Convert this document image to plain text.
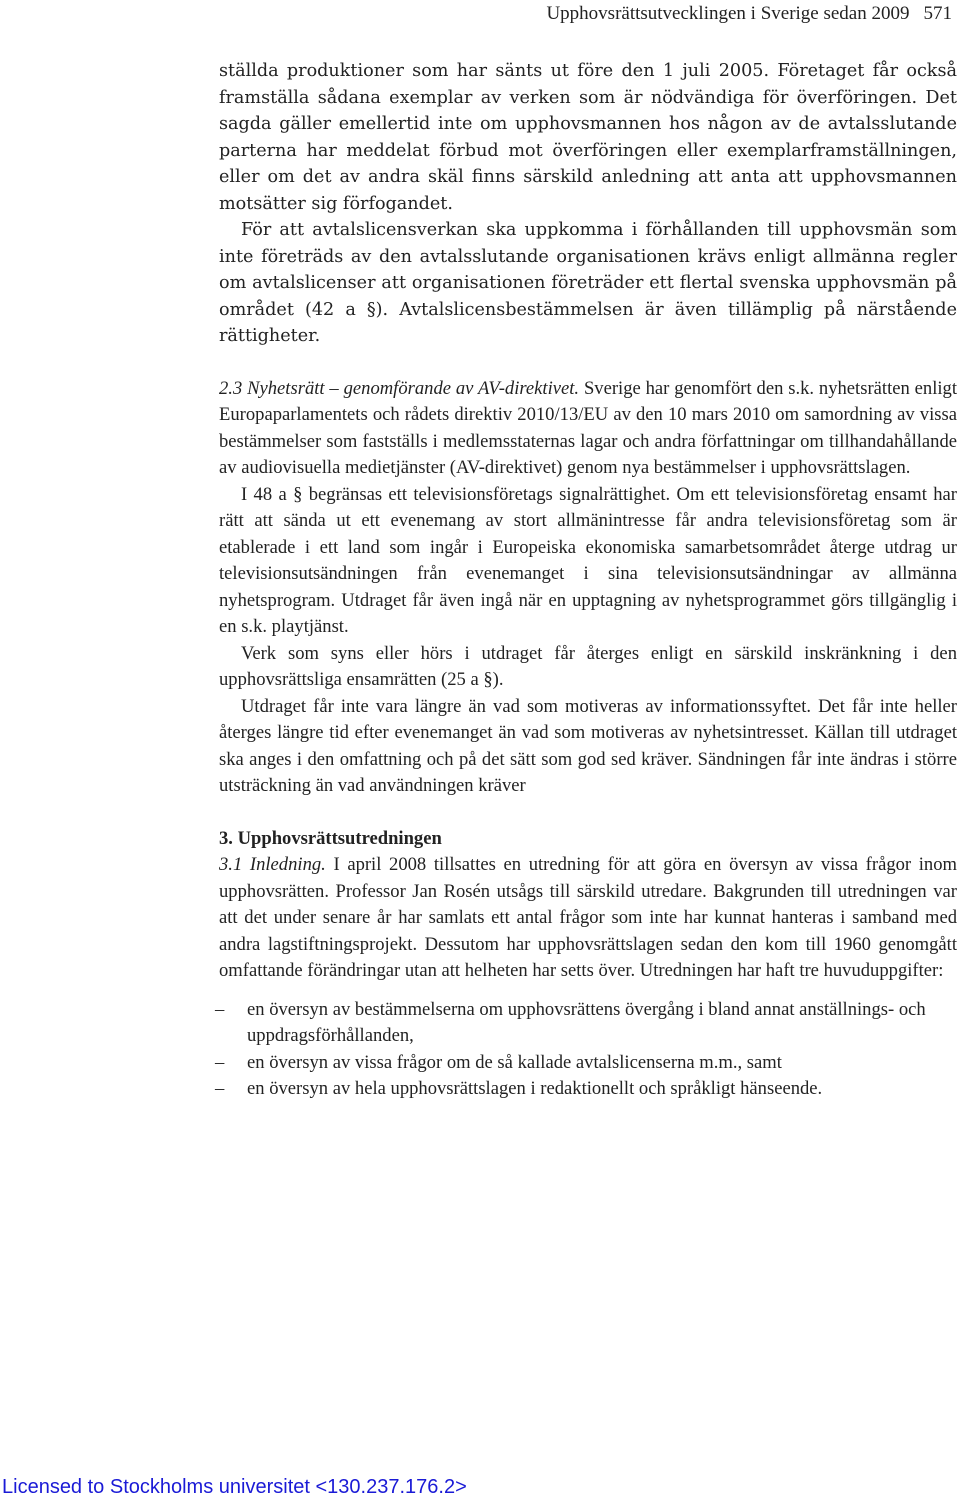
Upphovsrättsutvecklingen i Sverige sedan 2009 571

ställda produktioner som har sänts ut före den 1 juli 2005. Företaget får också framställa sådana exemplar av verken som är nödvändiga för överföringen. Det sagda gäller emellertid inte om upphovsmannen hos någon av de avtalsslutande parterna har meddelat förbud mot överföringen eller exemplarframställningen, eller om det av andra skäl finns särskild anledning att anta att upphovsmannen motsätter sig förfogandet.

För att avtalslicensverkan ska uppkomma i förhållanden till upphovsmän som inte företräds av den avtalsslutande organisationen krävs enligt allmänna regler om avtalslicenser att organisationen företräder ett flertal svenska upphovsmän på området (42 a §). Avtalslicensbestämmelsen är även tillämplig på närstående rättigheter.

2.3 Nyhetsrätt – genomförande av AV-direktivet. Sverige har genomfört den s.k. nyhetsrätten enligt Europaparlamentets och rådets direktiv 2010/13/EU av den 10 mars 2010 om samordning av vissa bestämmelser som fastställs i medlemsstaternas lagar och andra författningar om tillhandahållande av audiovisuella medietjänster (AV-direktivet) genom nya bestämmelser i upphovsrättslagen.

I 48 a § begränsas ett televisionsföretags signalrättighet. Om ett televisionsföretag ensamt har rätt att sända ut ett evenemang av stort allmänintresse får andra televisionsföretag som är etablerade i ett land som ingår i Europeiska ekonomiska samarbetsområdet återge utdrag ur televisionsutsändningen från evenemanget i sina televisionsutsändningar av allmänna nyhetsprogram. Utdraget får även ingå när en upptagning av nyhetsprogrammet görs tillgänglig i en s.k. playtjänst.

Verk som syns eller hörs i utdraget får återges enligt en särskild inskränkning i den upphovsrättsliga ensamrätten (25 a §).

Utdraget får inte vara längre än vad som motiveras av informationssyftet. Det får inte heller återges längre tid efter evenemanget än vad som motiveras av nyhetsintresset. Källan till utdraget ska anges i den omfattning och på det sätt som god sed kräver. Sändningen får inte ändras i större utsträckning än vad användningen kräver

3. Upphovsrättsutredningen

3.1 Inledning. I april 2008 tillsattes en utredning för att göra en översyn av vissa frågor inom upphovsrätten. Professor Jan Rosén utsågs till särskild utredare. Bakgrunden till utredningen var att det under senare år har samlats ett antal frågor som inte har kunnat hanteras i samband med andra lagstiftningsprojekt. Dessutom har upphovsrättslagen sedan den kom till 1960 genomgått omfattande förändringar utan att helheten har setts över. Utredningen har haft tre huvuduppgifter:

– en översyn av bestämmelserna om upphovsrättens övergång i bland annat anställnings- och uppdragsförhållanden,
– en översyn av vissa frågor om de så kallade avtalslicenserna m.m., samt
– en översyn av hela upphovsrättslagen i redaktionellt och språkligt hänseende.
Licensed to Stockholms universitet <130.237.176.2>
